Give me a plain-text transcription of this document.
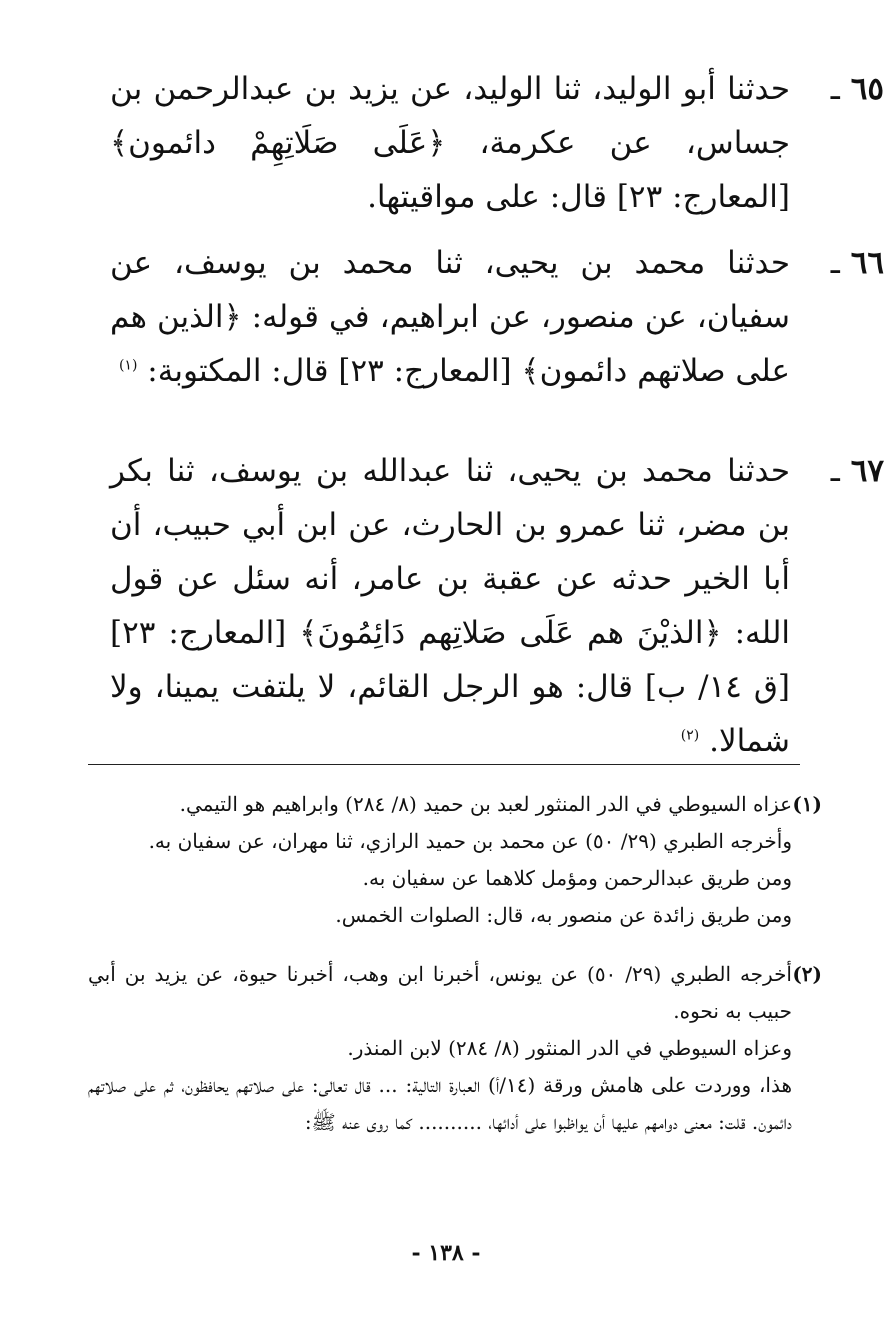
٦٥ ـ

حدثنا أبو الوليد، ثنا الوليد، عن يزيد بن عبدالرحمن بن جساس، عن عكرمة، ﴿عَلَى صَلَاتِهِمْ دائمون﴾ [المعارج: ٢٣] قال: على مواقيتها.

٦٦ ـ

حدثنا محمد بن يحيى، ثنا محمد بن يوسف، عن سفيان، عن منصور، عن ابراهيم، في قوله: ﴿الذين هم على صلاتهم دائمون﴾ [المعارج: ٢٣] قال: المكتوبة: $^{(١)}$

٦٧ ـ

حدثنا محمد بن يحيى، ثنا عبدالله بن يوسف، ثنا بكر بن مضر، ثنا عمرو بن الحارث، عن ابن أبي حبيب، أن أبا الخير حدثه عن عقبة بن عامر، أنه سئل عن قول الله: ﴿الذيْنَ هم عَلَى صَلاتِهم دَائِمُونَ﴾ [المعارج: ٢٣] [ق ١٤/ ب] قال: هو الرجل القائم، لا يلتفت يمينا، ولا شمالا. $^{(٢)}$

(١)

عزاه السيوطي في الدر المنثور لعبد بن حميد (٨/ ٢٨٤) وابراهيم هو التيمي.

وأخرجه الطبري (٢٩/ ٥٠) عن محمد بن حميد الرازي، ثنا مهران، عن سفيان به.

ومن طريق عبدالرحمن ومؤمل كلاهما عن سفيان به.

ومن طريق زائدة عن منصور به، قال: الصلوات الخمس.

(٢)

أخرجه الطبري (٢٩/ ٥٠) عن يونس، أخبرنا ابن وهب، أخبرنا حيوة، عن يزيد بن أبي حبيب به نحوه.

وعزاه السيوطي في الدر المنثور (٨/ ٢٨٤) لابن المنذر.

هذا، ووردت على هامش ورقة (١٤/أ) العبارة التالية: ... قال تعالى: على صلاتهم يحافظون، ثم على صلاتهم دائمون. قلت: معنى دوامهم عليها أن يواظبوا على أدائها، .......... كما روى عنه ﷺ:

- ١٣٨ -
